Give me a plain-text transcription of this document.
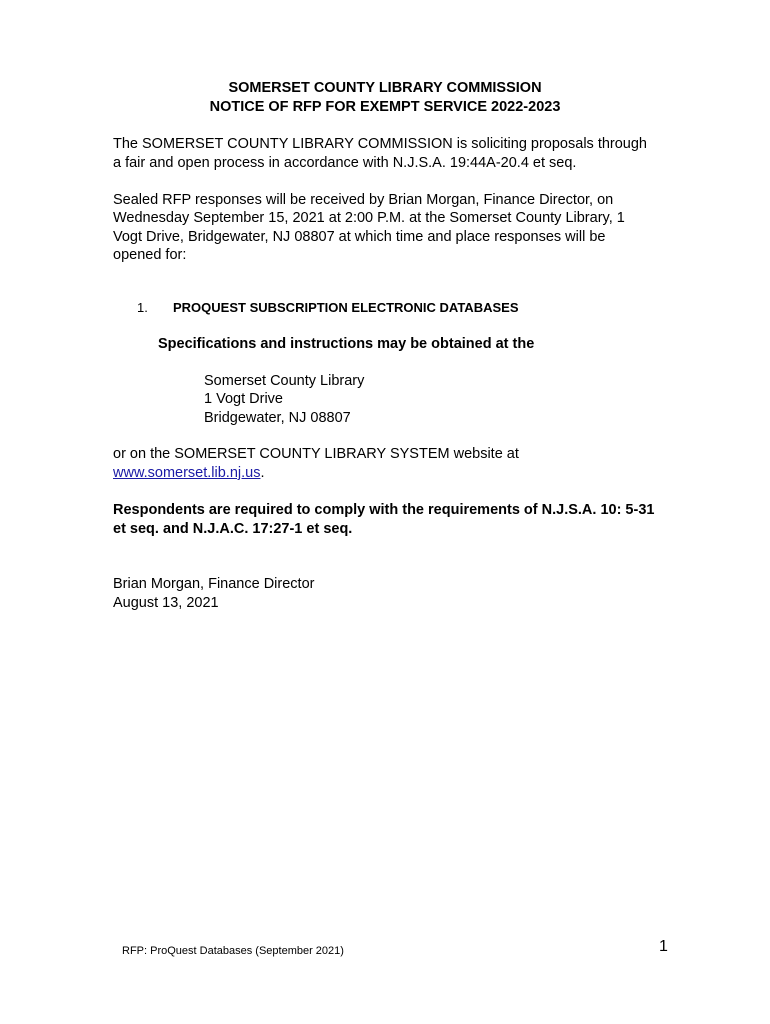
SOMERSET COUNTY LIBRARY COMMISSION
NOTICE OF RFP FOR EXEMPT SERVICE 2022-2023
The SOMERSET COUNTY LIBRARY COMMISSION is soliciting proposals through
a fair and open process in accordance with N.J.S.A. 19:44A-20.4 et seq.
Sealed RFP responses will be received by Brian Morgan, Finance Director, on
Wednesday September 15, 2021 at 2:00 P.M. at the Somerset County Library, 1
Vogt Drive, Bridgewater, NJ 08807 at which time and place responses will be
opened for:
1. PROQUEST SUBSCRIPTION ELECTRONIC DATABASES
Specifications and instructions may be obtained at the
Somerset County Library
1 Vogt Drive
Bridgewater, NJ 08807
or on the SOMERSET COUNTY LIBRARY SYSTEM website at
www.somerset.lib.nj.us.
Respondents are required to comply with the requirements of N.J.S.A. 10: 5-31
et seq. and N.J.A.C. 17:27-1 et seq.
Brian Morgan, Finance Director
August 13, 2021
RFP: ProQuest Databases (September 2021)	1
